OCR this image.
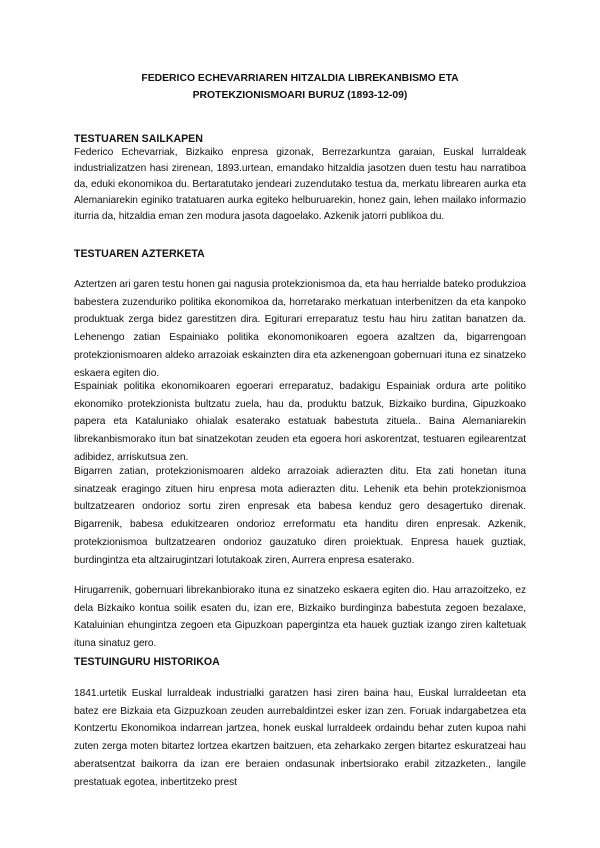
FEDERICO ECHEVARRIAREN HITZALDIA LIBREKANBISMO ETA
PROTEKZIONISMOARI BURUZ (1893-12-09)
TESTUAREN SAILKAPEN

Federico Echevarriak, Bizkaiko enpresa gizonak, Berrezarkuntza garaian, Euskal lurraldeak industrializatzen hasi zirenean, 1893.urtean, emandako hitzaldia jasotzen duen testu hau narratiboa da, eduki ekonomikoa du. Bertaratutako jendeari zuzendutako testua da, merkatu librearen aurka eta Alemaniarekin eginiko tratatuaren aurka egiteko helburuarekin, honez gain, lehen mailako informazio iturria da, hitzaldia eman zen modura jasota dagoelako. Azkenik jatorri publikoa du.

TESTUAREN AZTERKETA

Aztertzen ari garen testu honen gai nagusia protekzionismoa da, eta hau herrialde bateko produkzioa babestera zuzenduriko politika ekonomikoa da, horretarako merkatuan interbenitzen da eta kanpoko produktuak zerga bidez garestitzen dira. Egiturari erreparatuz testu hau hiru zatitan banatzen da. Lehenengo zatian Espainiako politika ekonomonikoaren egoera azaltzen da, bigarrengoan protekzionismoaren aldeko arrazoiak eskainzten dira eta azkenengoan gobernuari ituna ez sinatzeko eskaera egiten dio.

Espainiak politika ekonomikoaren egoerari erreparatuz, badakigu Espainiak ordura arte politiko ekonomiko protekzionista bultzatu zuela, hau da, produktu batzuk, Bizkaiko burdina, Gipuzkoako papera eta Kataluniako ohialak esaterako estatuak babestuta zituela.. Baina Alemaniarekin librekanbismorako itun bat sinatzekotan zeuden eta egoera hori askorentzat, testuaren egilearentzat adibidez, arriskutsua zen.

Bigarren zatian, protekzionismoaren aldeko arrazoiak adierazten ditu. Eta zati honetan ituna sinatzeak eragingo zituen hiru enpresa mota adierazten ditu. Lehenik eta behin protekzionismoa bultzatzearen ondorioz sortu ziren enpresak eta babesa kenduz gero desagertuko direnak. Bigarrenik, babesa edukitzearen ondorioz erreformatu eta handitu diren enpresak. Azkenik, protekzionismoa bultzatzearen ondorioz gauzatuko diren proiektuak. Enpresa hauek guztiak, burdingintza eta altzairugintzari lotutakoak ziren, Aurrera enpresa esaterako.

Hirugarrenik, gobernuari librekanbiorako ituna ez sinatzeko eskaera egiten dio. Hau arrazoitzeko, ez dela Bizkaiko kontua soilik esaten du, izan ere, Bizkaiko burdinginza babestuta zegoen bezalaxe, Kataluinian ehungintza zegoen eta Gipuzkoan papergintza eta hauek guztiak izango ziren kaltetuak ituna sinatuz gero.

TESTUINGURU HISTORIKOA

1841.urtetik Euskal lurraldeak industrialki garatzen hasi ziren baina hau, Euskal lurraldeetan eta batez ere Bizkaia eta Gizpuzkoan zeuden aurrebaldintzei esker izan zen. Foruak indargabetzea eta Kontzertu Ekonomikoa indarrean jartzea, honek euskal lurraldeek ordaindu behar zuten kupoa nahi zuten zerga moten bitartez lortzea ekartzen baitzuen, eta zeharkako zergen bitartez eskuratzeai hau aberatsentzat baikorra da izan ere beraien ondasunak inbertsiorako erabil zitzazketen., langile prestatuak egotea, inbertitzeko prest
